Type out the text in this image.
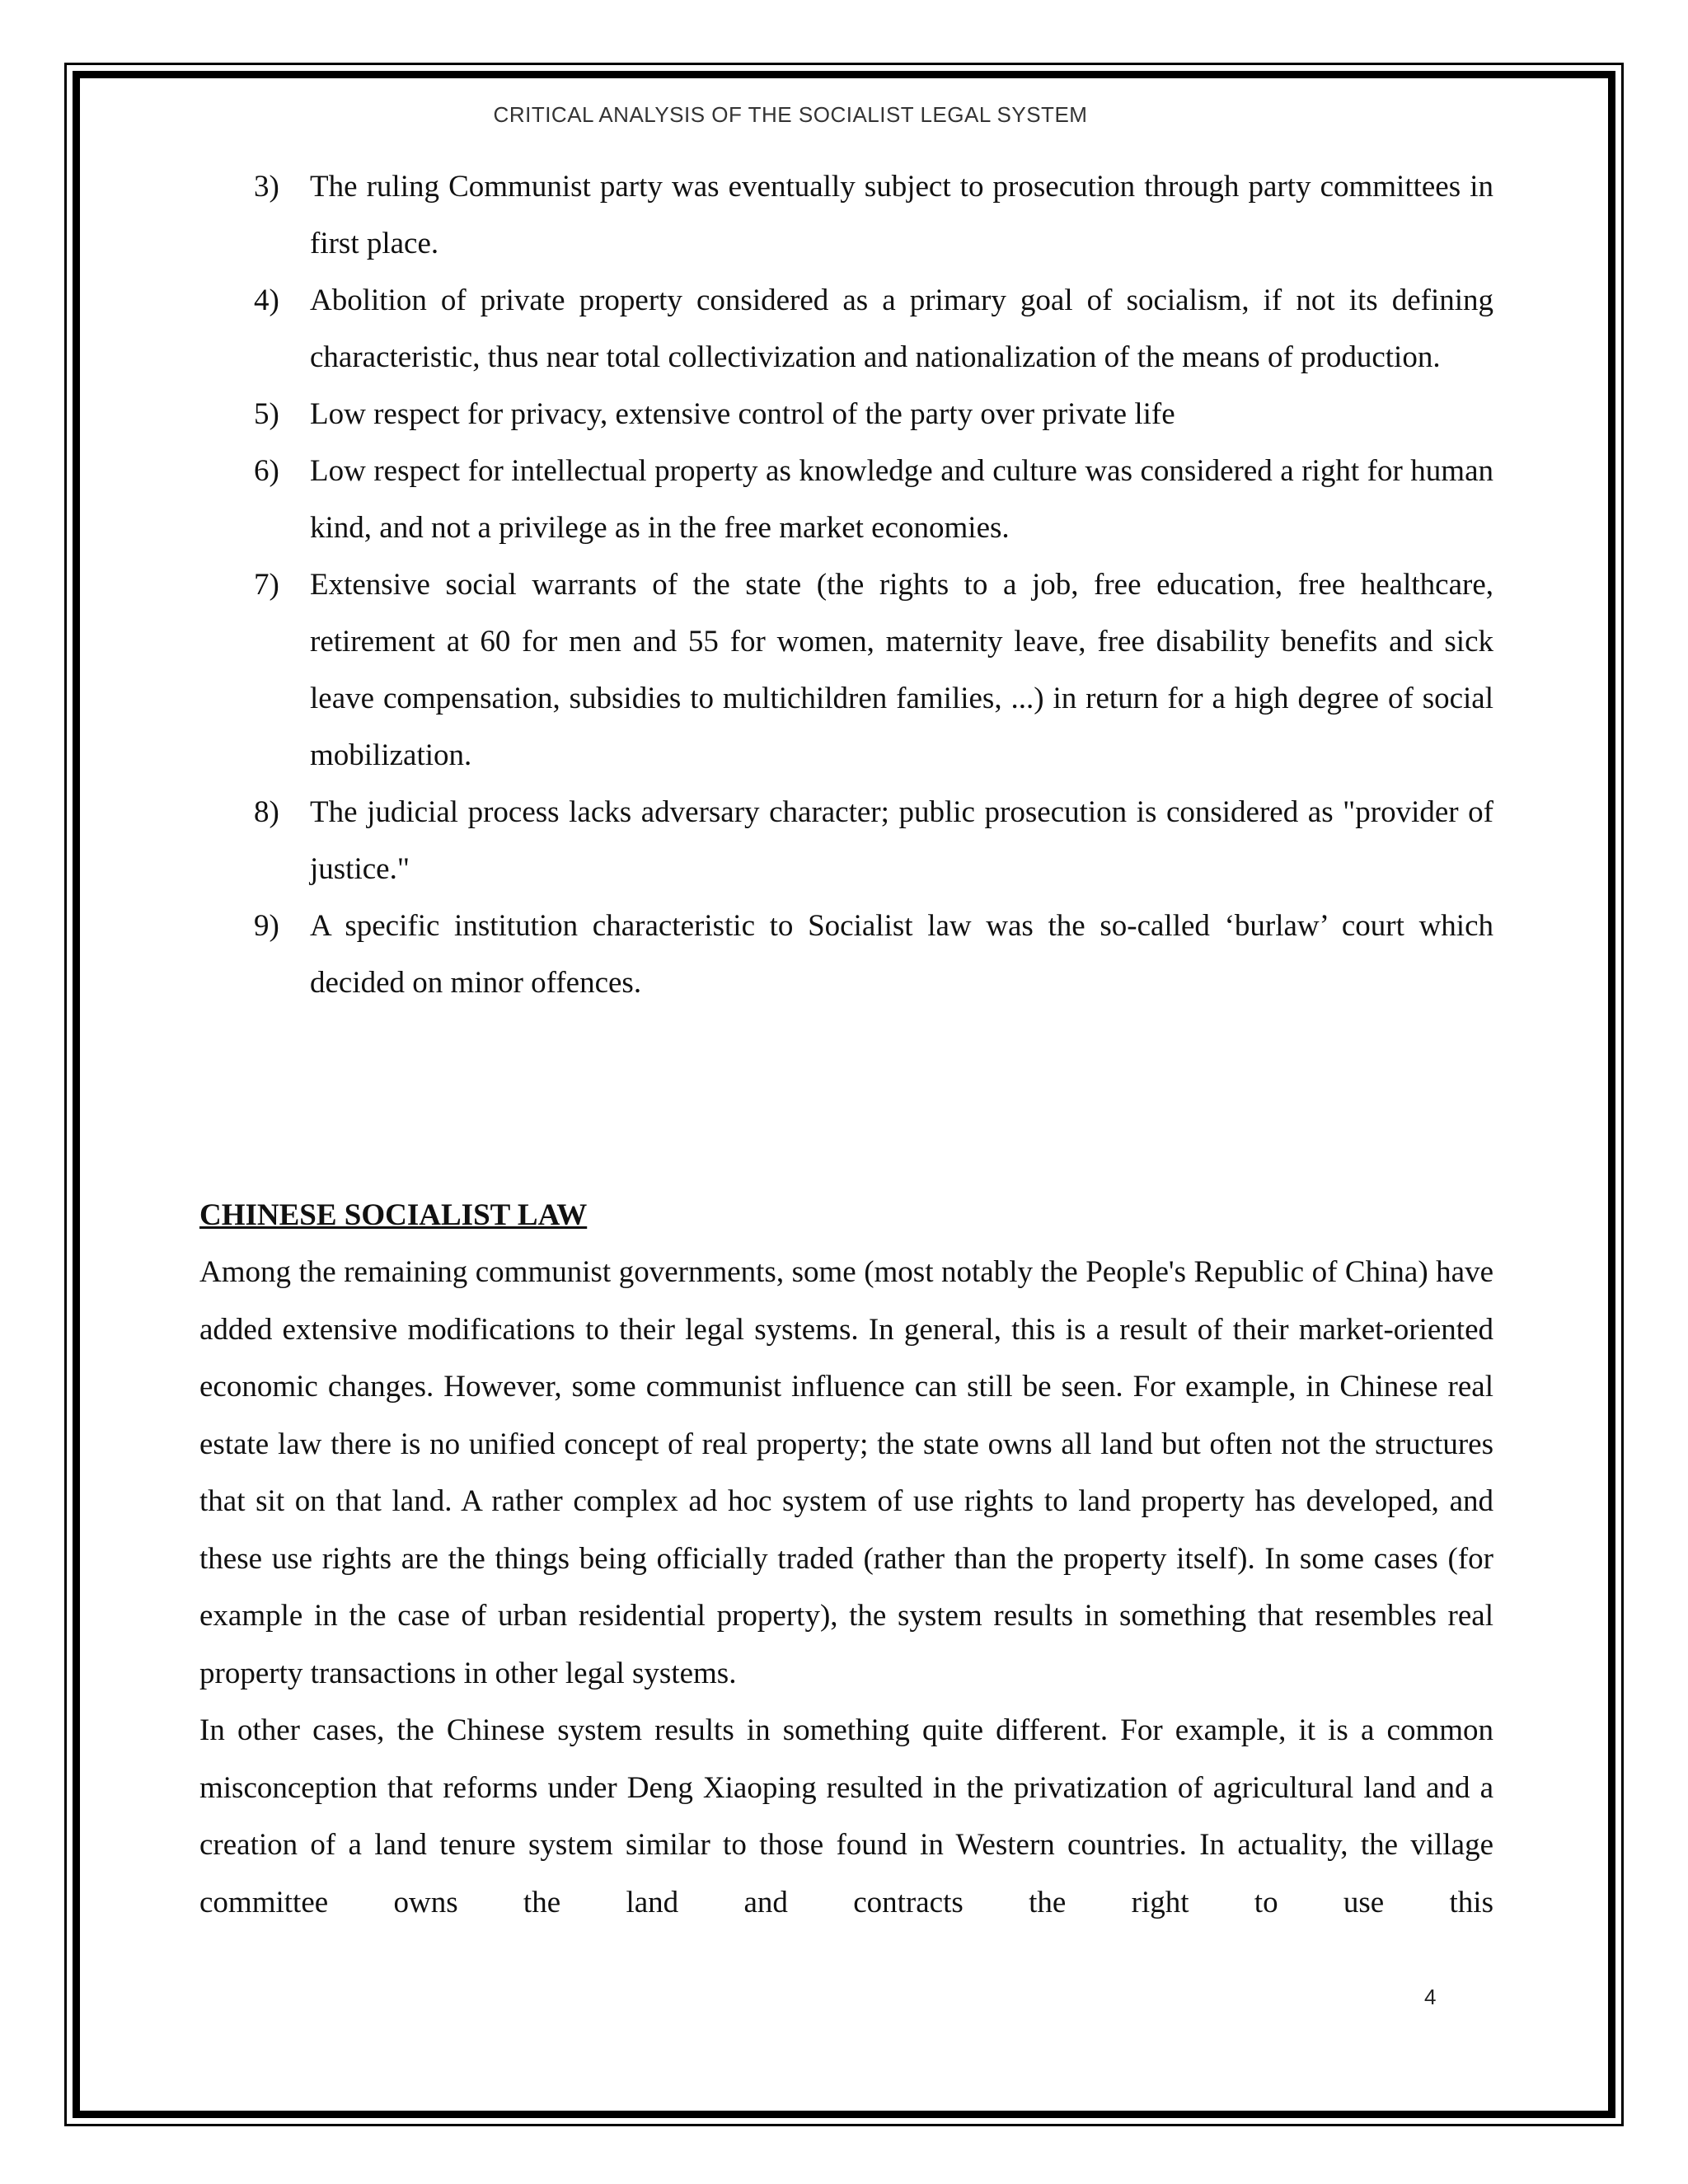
CRITICAL ANALYSIS OF THE SOCIALIST LEGAL SYSTEM
3) The ruling Communist party was eventually subject to prosecution through party committees in first place.
4) Abolition of private property considered as a primary goal of socialism, if not its defining characteristic, thus near total collectivization and nationalization of the means of production.
5) Low respect for privacy, extensive control of the party over private life
6) Low respect for intellectual property as knowledge and culture was considered a right for human kind, and not a privilege as in the free market economies.
7) Extensive social warrants of the state (the rights to a job, free education, free healthcare, retirement at 60 for men and 55 for women, maternity leave, free disability benefits and sick leave compensation, subsidies to multichildren families, ...) in return for a high degree of social mobilization.
8) The judicial process lacks adversary character; public prosecution is considered as "provider of justice."
9) A specific institution characteristic to Socialist law was the so-called ‘burlaw’ court which decided on minor offences.
CHINESE SOCIALIST LAW

Among the remaining communist governments, some (most notably the People's Republic of China) have added extensive modifications to their legal systems. In general, this is a result of their market-oriented economic changes. However, some communist influence can still be seen. For example, in Chinese real estate law there is no unified concept of real property; the state owns all land but often not the structures that sit on that land. A rather complex ad hoc system of use rights to land property has developed, and these use rights are the things being officially traded (rather than the property itself). In some cases (for example in the case of urban residential property), the system results in something that resembles real property transactions in other legal systems.

In other cases, the Chinese system results in something quite different. For example, it is a common misconception that reforms under Deng Xiaoping resulted in the privatization of agricultural land and a creation of a land tenure system similar to those found in Western countries. In actuality, the village committee owns the land and contracts the right to use this

4
